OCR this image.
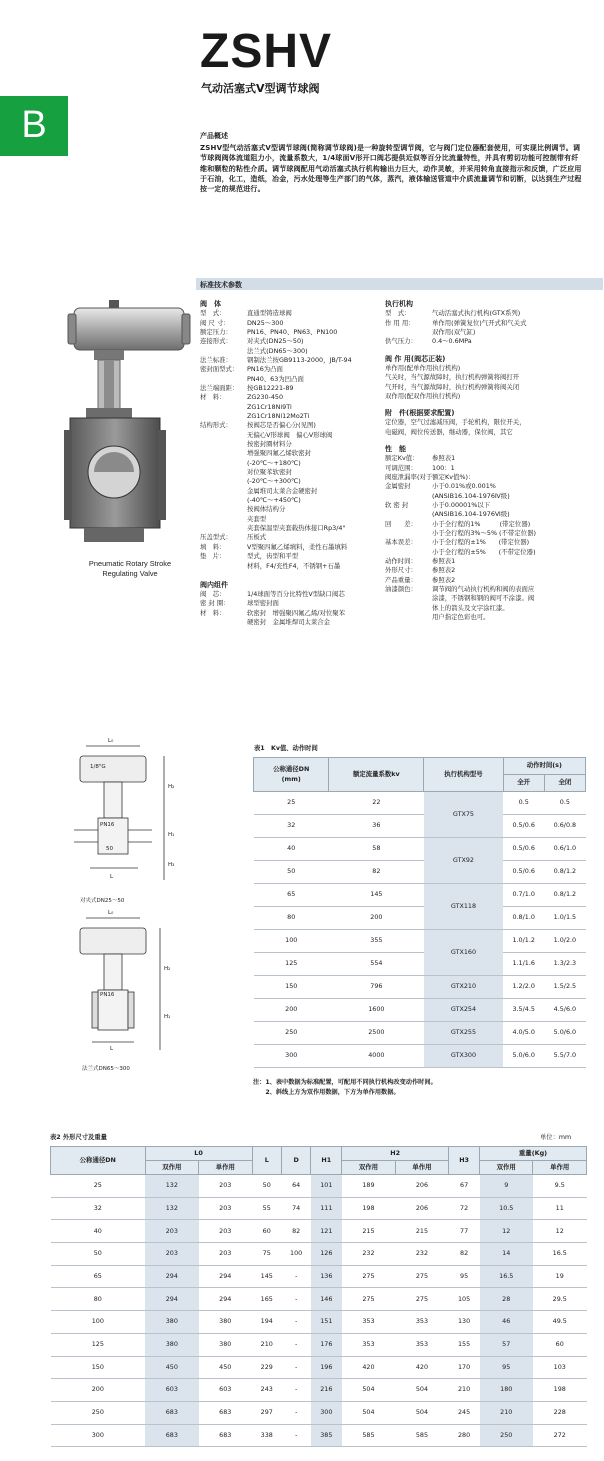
B
ZSHV
气动活塞式V型调节球阀
产品概述
ZSHV型气动活塞式V型调节球阀(简称调节球阀)是一种旋转型调节阀，它与阀门定位器配套使用，可实现比例调节。调节球阀阀体流道阻力小，流量系数大，1/4球面V形开口阀芯提供近似等百分比流量特性，并具有剪切功能可控制带有纤维和颗粒的粘性介质。调节球阀配用气动活塞式执行机构输出力巨大，动作灵敏，并采用转角直接指示和反馈，广泛应用于石油，化工，造纸，冶金，污水处理等生产部门的气体，蒸汽，液体输送管道中介质流量调节和切断，以达到生产过程按一定的规范进行。
标准技术参数
Pneumatic Rotary Stroke
Regulating Valve
阀　体
型　式：	直通型铸造球阀
阀 尺 寸：	DN25～300
额定压力：	PN16、PN40、PN63、PN100
连接形式：	对夹式(DN25～50)
法兰式(DN65～300)
法兰标准：	钢制法兰按GB9113-2000，JB/T-94
密封面型式：	PN16为凸面
PN40、63为凹凸面
法兰端面距：	按GB12221-89
材　料：	ZG230-450
ZG1Cr18Ni9Ti
ZG1Cr18Ni12Mo2Ti
结构形式：	按阀芯是否偏心分(见图)
无偏心V形球阀　偏心V形球阀
按密封圈材料分
增强聚四氟乙烯软密封
(-20℃～+180℃)
对位聚苯软密封
(-20℃～+300℃)
金属堆司太莱合金硬密封
(-40℃～+450℃)
按阀体结构分
夹套型
夹套保温型夹套载热体接口Rp3/4"
压盖型式：	压板式
填　料：	V型聚四氟乙烯填料，柔性石墨填料
垫　片：	型式，齿型和平型
材料，F4/充性F4，不锈钢+石墨
阀内组件
阀　芯：	1/4球面等百分比特性V型缺口阀芯
密 封 圈：	球型密封面
材　料：	软密封　增强聚四氟乙烯/对位聚苯
硬密封　金属堆焊司太莱合金
执行机构
型　式：	气动活塞式执行机构(GTX系列)
作 用 用：	单作用(弹簧复位)气开式和气关式
双作用(双气缸)
供气压力：	0.4～0.6MPa
阀 作 用(阀芯正装)
单作用(配单作用执行机构)
气关时，当气源故障时，执行机构弹簧将阀打开
气开时，当气源故障时，执行机构弹簧将阀关闭
双作用(配双作用执行机构)
附　件(根据要求配置)
定位器，空气过滤减压阀，手轮机构，限位开关，
电磁阀，阀位传送器，继动器，保位阀，其它
性　能
额定Kv值：	参照表1
可调范围：	100：1
阀座泄漏率(对于额定Kv值%)：
金属密封	小于0.01%或0.001%
(ANSIB16.104-1976Ⅳ级)
软 密 封	小于0.00001%以下
(ANSIB16.104-1976Ⅵ级)
回　　差：	小于全行程的1%　　　(带定位器)
小于全行程的3%～5% (不带定位器)
基本误差：	小于全行程的±1%　　(带定位器)
小于全行程的±5%　　(不带定位器)
动作时间：	参照表1
外形尺寸：	参照表2
产品重量：	参照表2
油漆颜色：	调节阀的气动执行机构和阀的表面应
涂漆，不锈钢和钢的阀可不涂漆。阀
体上的箭头及文字涂红漆。
用户指定色彩也可。
L₀
H₂
H₁
H₃
L
PN16
50
1/8"G
对夹式DN25～50
L₀
H₂
H₁
PN16
L
法兰式DN65～300
表1　Kv值、动作时间
公称通径DN
(mm)	额定流量系数kv	执行机构型号	动作时间(s)	
			全开	全闭
25	22	GTX75	0.5	0.5
32	36		0.5/0.6	0.6/0.8
40	58	GTX92	0.5/0.6	0.6/1.0
50	82		0.5/0.6	0.8/1.2
65	145	GTX118	0.7/1.0	0.8/1.2
80	200		0.8/1.0	1.0/1.5
100	355	GTX160	1.0/1.2	1.0/2.0
125	554		1.1/1.6	1.3/2.3
150	796	GTX210	1.2/2.0	1.5/2.5
200	1600	GTX254	3.5/4.5	4.5/6.0
250	2500	GTX255	4.0/5.0	5.0/6.0
300	4000	GTX300	5.0/6.0	5.5/7.0
注：1、表中数据为标准配置，可配用不同执行机构改变动作时间。
　　2、斜线上方为双作用数据，下方为单作用数据。
表2 外形尺寸及重量	单位：mm
公称通径DN	L0		L	D	H1	H2		H3	重量(Kg)	
	双作用	单作用				双作用	单作用		双作用	单作用
25	132	203	50	64	101	189	206	67	9	9.5
32	132	203	55	74	111	198	206	72	10.5	11
40	203	203	60	82	121	215	215	77	12	12
50	203	203	75	100	126	232	232	82	14	16.5
65	294	294	145	-	136	275	275	95	16.5	19
80	294	294	165	-	146	275	275	105	28	29.5
100	380	380	194	-	151	353	353	130	46	49.5
125	380	380	210	-	176	353	353	155	57	60
150	450	450	229	-	196	420	420	170	95	103
200	603	603	243	-	216	504	504	210	180	198
250	683	683	297	-	300	504	504	245	210	228
300	683	683	338	-	385	585	585	280	250	272
